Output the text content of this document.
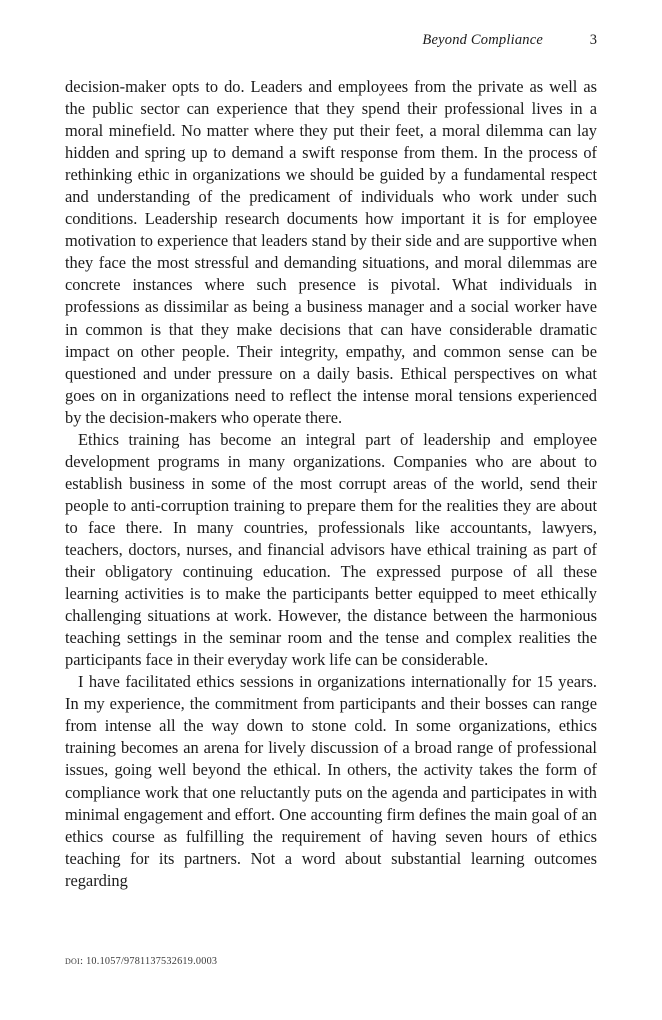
Beyond Compliance	3

decision-maker opts to do. Leaders and employees from the private as well as the public sector can experience that they spend their professional lives in a moral minefield. No matter where they put their feet, a moral dilemma can lay hidden and spring up to demand a swift response from them. In the process of rethinking ethic in organizations we should be guided by a fundamental respect and understanding of the predicament of individuals who work under such conditions. Leadership research documents how important it is for employee motivation to experience that leaders stand by their side and are supportive when they face the most stressful and demanding situations, and moral dilemmas are concrete instances where such presence is pivotal. What individuals in professions as dissimilar as being a business manager and a social worker have in common is that they make decisions that can have considerable dramatic impact on other people. Their integrity, empathy, and common sense can be questioned and under pressure on a daily basis. Ethical perspectives on what goes on in organizations need to reflect the intense moral tensions experienced by the decision-makers who operate there.

Ethics training has become an integral part of leadership and employee development programs in many organizations. Companies who are about to establish business in some of the most corrupt areas of the world, send their people to anti-corruption training to prepare them for the realities they are about to face there. In many countries, professionals like accountants, lawyers, teachers, doctors, nurses, and financial advisors have ethical training as part of their obligatory continuing education. The expressed purpose of all these learning activities is to make the participants better equipped to meet ethically challenging situations at work. However, the distance between the harmonious teaching settings in the seminar room and the tense and complex realities the participants face in their everyday work life can be considerable.

I have facilitated ethics sessions in organizations internationally for 15 years. In my experience, the commitment from participants and their bosses can range from intense all the way down to stone cold. In some organizations, ethics training becomes an arena for lively discussion of a broad range of professional issues, going well beyond the ethical. In others, the activity takes the form of compliance work that one reluctantly puts on the agenda and participates in with minimal engagement and effort. One accounting firm defines the main goal of an ethics course as fulfilling the requirement of having seven hours of ethics teaching for its partners. Not a word about substantial learning outcomes regarding

doi: 10.1057/9781137532619.0003
